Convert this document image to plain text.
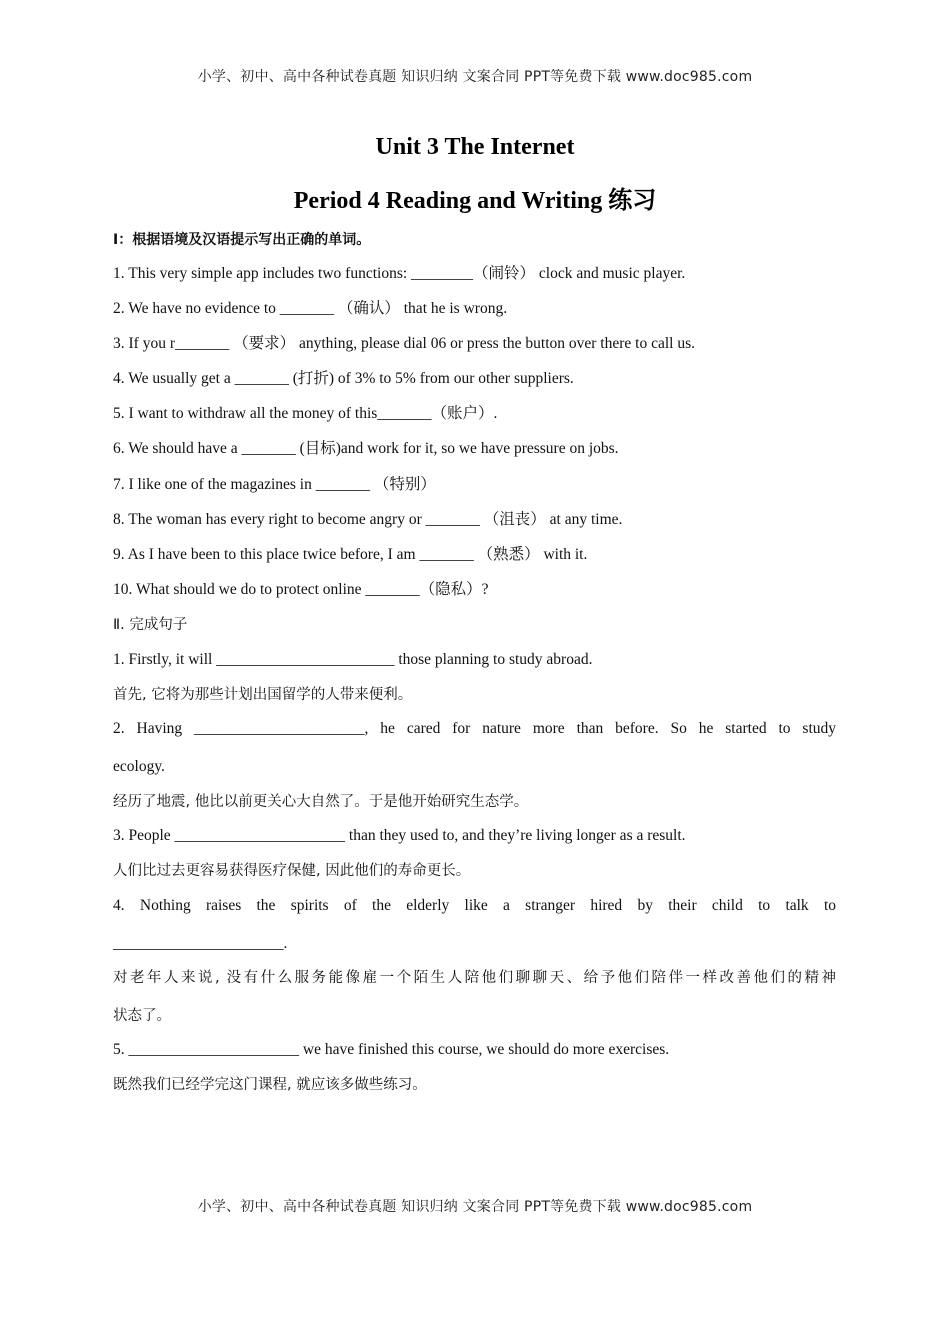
小学、初中、高中各种试卷真题 知识归纳 文案合同 PPT等免费下载 www.doc985.com
Unit 3 The Internet
Period 4 Reading and Writing 练习
I：根据语境及汉语提示写出正确的单词。
1. This very simple app includes two functions: ________（闹铃） clock and music player.
2. We have no evidence to _______ （确认） that he is wrong.
3. If you r_______ （要求） anything, please dial 06 or press the button over there to call us.
4. We usually get a _______ (打折) of 3% to 5% from our other suppliers.
5. I want to withdraw all the money of this_______（账户）.
6. We should have a _______ (目标)and work for it, so we have pressure on jobs.
7. I like one of the magazines in _______ （特别）
8. The woman has every right to become angry or _______ （沮丧） at any time.
9. As I have been to this place twice before, I am _______ （熟悉） with it.
10. What should we do to protect online _______（隐私）?
Ⅱ. 完成句子
1. Firstly, it will _______________________ those planning to study abroad.
首先, 它将为那些计划出国留学的人带来便利。
2. Having ______________________, he cared for nature more than before. So he started to study
ecology.
经历了地震, 他比以前更关心大自然了。于是他开始研究生态学。
3. People ______________________ than they used to, and they’re living longer as a result.
人们比过去更容易获得医疗保健, 因此他们的寿命更长。
4. Nothing raises the spirits of the elderly like a stranger hired by their child to talk to
______________________.
对老年人来说, 没有什么服务能像雇一个陌生人陪他们聊聊天、给予他们陪伴一样改善他们的精神
状态了。
5. ______________________ we have finished this course, we should do more exercises.
既然我们已经学完这门课程, 就应该多做些练习。
小学、初中、高中各种试卷真题 知识归纳 文案合同 PPT等免费下载 www.doc985.com
